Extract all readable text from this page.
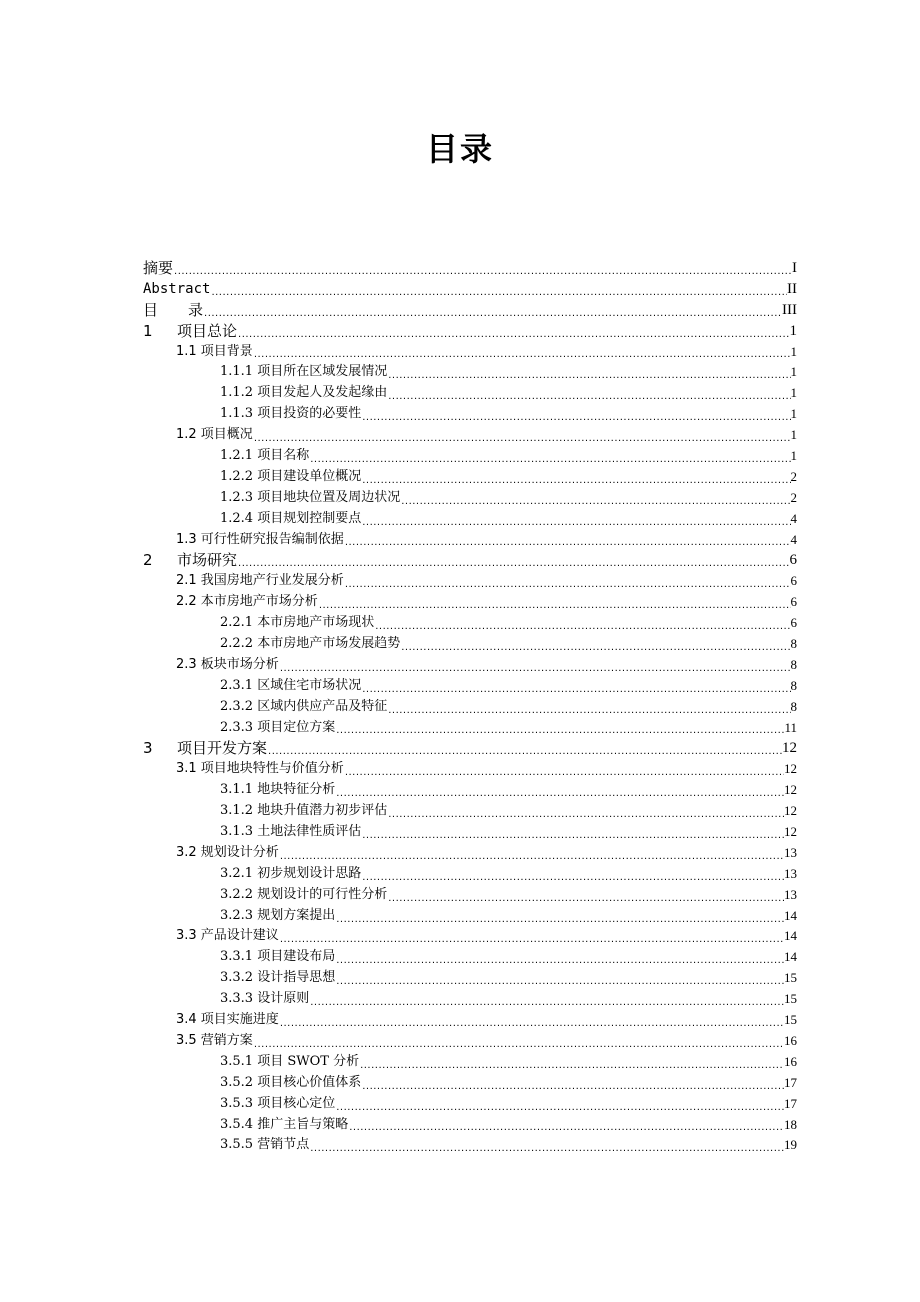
目录
摘要 .....	I
Abstract .....	II
目　　录 .....	III
1 项目总论 .....	1
1.1 项目背景 .....	1
1.1.1 项目所在区域发展情况 .....	1
1.1.2 项目发起人及发起缘由 .....	1
1.1.3 项目投资的必要性 .....	1
1.2 项目概况 .....	1
1.2.1 项目名称 .....	1
1.2.2 项目建设单位概况 .....	2
1.2.3 项目地块位置及周边状况 .....	2
1.2.4 项目规划控制要点 .....	4
1.3 可行性研究报告编制依据 .....	4
2 市场研究 .....	6
2.1 我国房地产行业发展分析 .....	6
2.2 本市房地产市场分析 .....	6
2.2.1 本市房地产市场现状 .....	6
2.2.2 本市房地产市场发展趋势 .....	8
2.3 板块市场分析 .....	8
2.3.1 区域住宅市场状况 .....	8
2.3.2 区域内供应产品及特征 .....	8
2.3.3 项目定位方案 .....	11
3 项目开发方案 .....	12
3.1 项目地块特性与价值分析 .....	12
3.1.1 地块特征分析 .....	12
3.1.2 地块升值潜力初步评估 .....	12
3.1.3 土地法律性质评估 .....	12
3.2 规划设计分析 .....	13
3.2.1 初步规划设计思路 .....	13
3.2.2 规划设计的可行性分析 .....	13
3.2.3 规划方案提出 .....	14
3.3 产品设计建议 .....	14
3.3.1 项目建设布局 .....	14
3.3.2 设计指导思想 .....	15
3.3.3 设计原则 .....	15
3.4 项目实施进度 .....	15
3.5 营销方案 .....	16
3.5.1 项目 SWOT 分析 .....	16
3.5.2 项目核心价值体系 .....	17
3.5.3 项目核心定位 .....	17
3.5.4 推广主旨与策略 .....	18
3.5.5 营销节点 .....	19
